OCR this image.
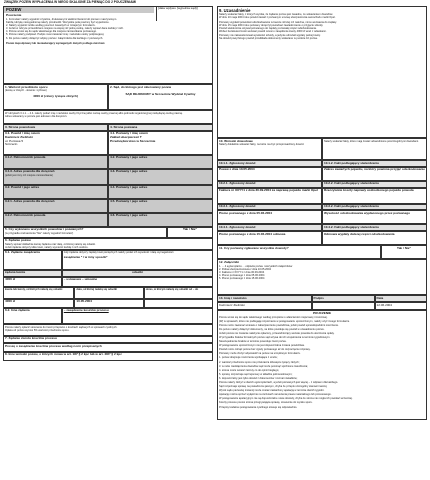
ZWIĄZEK POZEW WYPŁACENIA W NIEGO SKALIONE ZA PIENIĄC DO 2 POUCZENIAMI
POZEW	[data wpływu (wypełnia sąd)]
Pouczenie
1. Formularz należy wypełnić czytelnie, drukowanymi wielkimi literami lub pismem maszynowym.
Każdą rubrykę niewypełnioną należy przekreślić. Wszystkie pola powinny być wypełnione.
2. Należy wypełnić ściśle według pouczeń zawartych w niniejszym formularzu.
3. Jeżeli w rubryce przewidziano miejsce na więcej niż jedną osobę, należy wpisać dane każdej z nich.
4. Pozew wnosi się do sądu właściwego dla miejsca zamieszkania pozwanego.
5. Pozew należy podpisać. Podpis musi zawierać imię i nazwisko osoby podpisującej.
6. Do pozwu należy dołączyć odpisy pozwu i załączników dla każdego z pozwanych.
Pozew niepodpisany lub niezawierający wymaganych danych podlega zwrotowi.
1. Wartość przedmiotu sporu
(kwotę w złotych - słownie i cyfrowo)
4000 zł (cztery tysiące złotych)
2. Sąd, do którego jest skierowany pozew
SĄD REJONOWY w Szczecinie Wydział Cywilny
W rubrykach 3.1.1. – 4.4. należy podać imię i nazwisko osoby fizycznej albo nazwę osoby prawnej albo jednostki organizacyjnej niebędącej osobą prawną.
Adres wskazany w pozwie jest adresem dla doręczeń.
3. Strona powodowa	4. Strona pozwana
3.1. Powód / imię osiem
Kazimierz Zieliński
ul. Portowa 5
Szczecin
4.1. Pozwany / imię osiem
Zakład ubezpieczeń T
Przedsiębiorstwo w Szczecinie
3.1.2. Pełnomocnik powoda	4.2. Pozwany / jego adres
3.1.3. Adres powoda dla doręczeń
(jeżeli jest inny niż miejsce zamieszkania)
4.3. Pozwany / jego adres
3.2. Powód / jego adres	4.4. Pozwany / jego adres
3.2.1. Adres powoda dla doręczeń	4.5. Pozwany / jego adres
3.2.2. Pełnomocnik powoda	4.6. Pozwany / jego adres
5. Czy wykonano wszystkich powodów i pozwanych?
(w przypadku zaznaczenia "Nie" należy wypełnić formularz)
Tak / Nie*
6. Żądanie pozwu
Należy wpisać dokładnie kwotę żądania oraz datę, od której należą się odsetki.
Jeżeli żądanie dotyczy kilku kwot, należy wymienić każdą z nich osobno.
6.1. Żądanie zasądzenia	Gdy żądanie dotyczy zapłaty kwot pieniężnych należy podać ich wysokość i datę wymagalności.
zasądzenie * / w inny sposób*
żądana kwota	odsetki
4000 zł	– ustawowe – umowne
kwota lub kwoty, od których należą się odsetki	data, od której należą się odsetki	okres, w którym należą się odsetki od – do
4000 zł	10.05.2004
6.2. Inne żądania	– zasądzenie kosztów procesu
Pozew należy opłacić stosownie do treści przepisów o kosztach sądowych w sprawach cywilnych.
Opłata od pozwu wynosi 5% wartości przedmiotu sporu.
7. Żądanie zwrotu kosztów procesu
Proszę o zasądzenie kosztów procesu według norm przepisanych
8. Inne wnioski pozwu, o których mowa w art. 187 § 2 kpc lub w art. 484¹ § 2 kpc
9. Uzasadnienie
Należy wskazać fakty, z których wynika, że żądanie pozwu jest zasadne, ze wskazaniem dowodów.
W dniu 10 maja 2004 roku powód zawarł z pozwanym umowę ubezpieczenia samochodu marki Opel.
Pozwany wypłacił powodowi odszkodowanie w kwocie niższej niż należna, mimo wezwania do zapłaty.
W dniu 15 maja 2004 roku pozwany doręczył powodowi zawiadomienie o przyjęciu szkody.
Powód wielokrotnie wzywał pozwanego do zapłaty pozostałej części odszkodowania.
Wobec bezskuteczności wezwań powód wnosi o zasądzenie kwoty 4000 zł wraz z odsetkami.
Pozwany nie zakwestionował wysokości szkody, a jedynie odmówił wypłaty pełnej kwoty.
Na dowód powyższego powód przedkłada dokumenty wskazane w punkcie 10 pozwu.
10. Wnioski dowodowe
Należy dokładnie wskazać fakty, na które ma być przeprowadzony dowód.
Należy wskazać fakty, które mają zostać udowodnione poszczególnymi dowodami.
10.1.1. Zgłoszony dowód	10.1.2. Fakt podlegający stwierdzeniu
Pozew z dnia 10.05.2004	Zakres zawartych pojazdu, na który powinna przyjąć odszkodowanie
10.2.1. Zgłoszony dowód	10.2.2. Fakt podlegający stwierdzeniu
Faktura nr XXYY1 z dnia 30.09.2004 za naprawę pojazdu marki Opel	Rzeczywiste koszty naprawy uszkodzonego pojazdu powoda
10.3.1. Zgłoszony dowód	10.3.2. Fakt podlegający stwierdzeniu
Pismo pozwanego z dnia 05.06.2004	Wysokość odszkodowania wypłaconego przez pozwanego
10.4.1. Zgłoszony dowód	10.4.2. Fakt podlegający stwierdzeniu
Pismo pozwanego z dnia 15.06.2004 odmowa	Odmowa wypłaty dalszej części odszkodowania
11. Czy pozwany zgłaszane wszystkie dowody?	Tak / Nie*
12. Załączniki
1. ... 4 egzemplarze ... odpisów pozwu i wszystkich załączników
2. Polisa ubezpieczeniowa z dnia 10.05.2004
3. Faktura nr XXYY1 z dnia 30.09.2004
4. Pismo pozwanego z dnia 05.06.2004
5. Pismo pozwanego z dnia 15.06.2004
13. Imię i nazwisko	Podpis	Data
Kazimierz Zieliński	12.06.2004
POUCZENIE
Pozew wnosi się do sądu właściwego według przepisów o właściwości miejscowej i rzeczowej.
(W) w sprawach, które nie podlegają rozpoznaniu w postępowaniu uproszczonym, należy użyć innego formularza.
Pozew może zawierać wniosek o zabezpieczenie powództwa, jeżeli powód uprawdopodobni roszczenie.
Do pozwu należy dołączyć dokumenty, na które powołuje się powód w uzasadnieniu pozwu.
Jeżeli pozew nie zostanie należycie opłacony, przewodniczący wezwie powoda do uiszczenia opłaty.
W przypadku braków formalnych pozwu sąd wzywa do ich uzupełnienia w terminie tygodniowym.
Nieuzupełnienie braków w terminie powoduje zwrot pozwu.
W postępowaniu uproszczonym nie jest dopuszczalna zmiana powództwa.
Powód może cofnąć pozew bez zgody pozwanego aż do rozpoczęcia rozprawy.
Pozwany może złożyć odpowiedź na pozew na urzędowym formularzu.
1. pozew obejmuje roszczenia wynikające z umów;
2. wartość przedmiotu sporu nie przekracza dziesięciu tysięcy złotych;
3. w razie niedołączenia dowodów sąd może pominąć spóźnione twierdzenia;
4. strona może wnieść zarzuty co do opinii biegłego;
5. sprawy rozpoznaje sąd rejonowy w składzie jednoosobowym;
6. dopuszczalny jest tylko dowód z dokumentów i zeznań świadków;
Pozew należy złożyć w dwóch egzemplarzach, a jeżeli pozwanych jest więcej – z odpisem dla każdego.
Sąd rozpoznaje sprawę na posiedzeniu jawnym, chyba że przepis szczególny stanowi inaczej.
Wyrok sądu pierwszej instancji może zostać zaskarżony apelacją w terminie dwóch tygodni.
Apelację można oprzeć wyłącznie na zarzutach naruszenia prawa materialnego lub procesowego.
W postępowaniu apelacyjnym nie są dopuszczalne nowe dowody, chyba że strona nie mogła ich powołać wcześniej.
Koszty procesu ponosi strona przegrywająca sprawę, stosownie do wyniku sporu.
Przepisy kodeksu postępowania cywilnego stosuje się odpowiednio.
